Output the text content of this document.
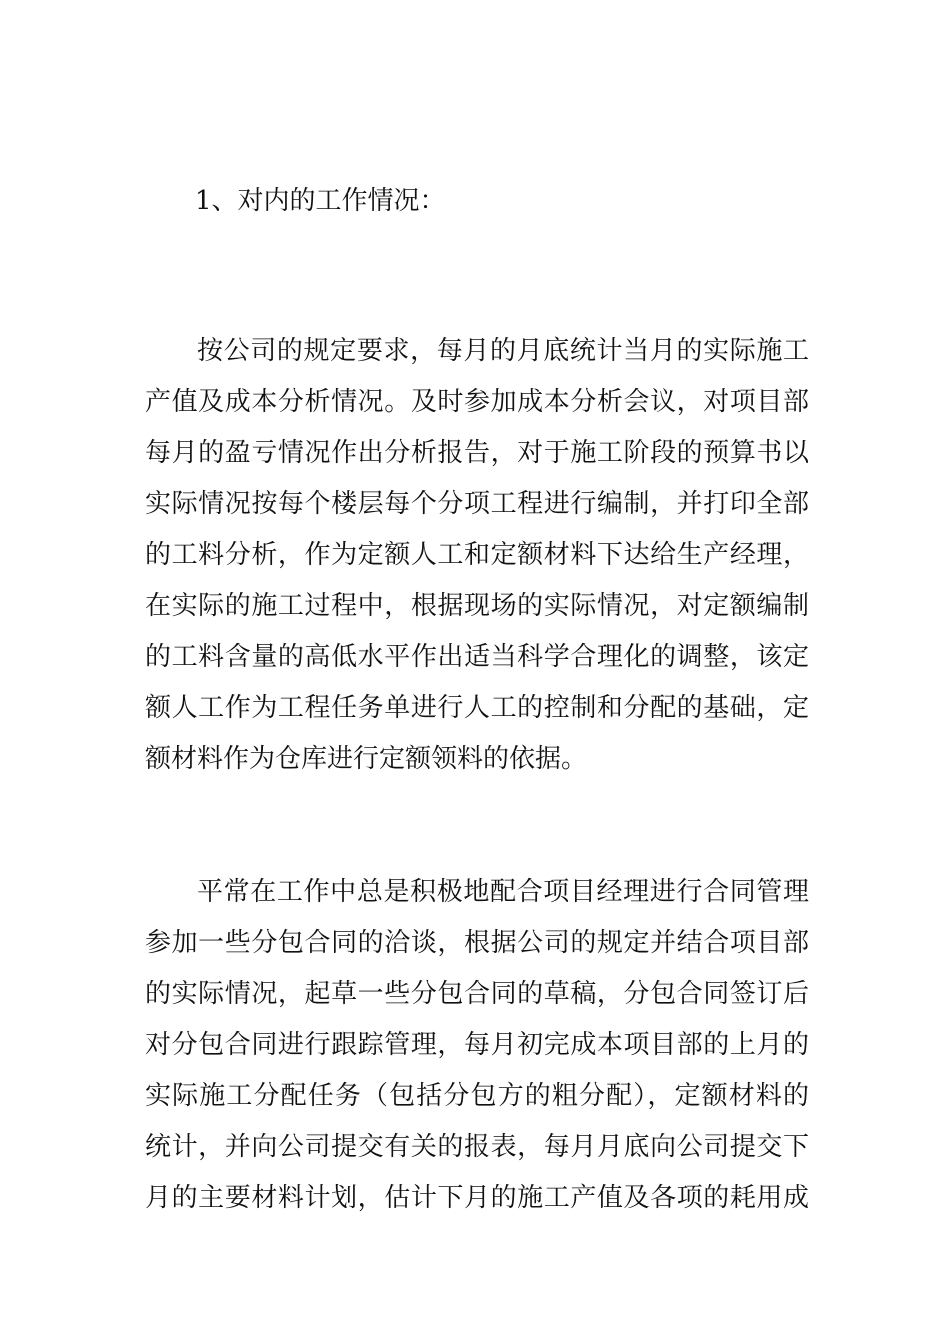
1、对内的工作情况：
按公司的规定要求，每月的月底统计当月的实际施工
产值及成本分析情况。及时参加成本分析会议，对项目部
每月的盈亏情况作出分析报告，对于施工阶段的预算书以
实际情况按每个楼层每个分项工程进行编制，并打印全部
的工料分析，作为定额人工和定额材料下达给生产经理，
在实际的施工过程中，根据现场的实际情况，对定额编制
的工料含量的高低水平作出适当科学合理化的调整，该定
额人工作为工程任务单进行人工的控制和分配的基础，定
额材料作为仓库进行定额领料的依据。
平常在工作中总是积极地配合项目经理进行合同管理
参加一些分包合同的洽谈，根据公司的规定并结合项目部
的实际情况，起草一些分包合同的草稿，分包合同签订后
对分包合同进行跟踪管理，每月初完成本项目部的上月的
实际施工分配任务（包括分包方的粗分配），定额材料的
统计，并向公司提交有关的报表，每月月底向公司提交下
月的主要材料计划，估计下月的施工产值及各项的耗用成
